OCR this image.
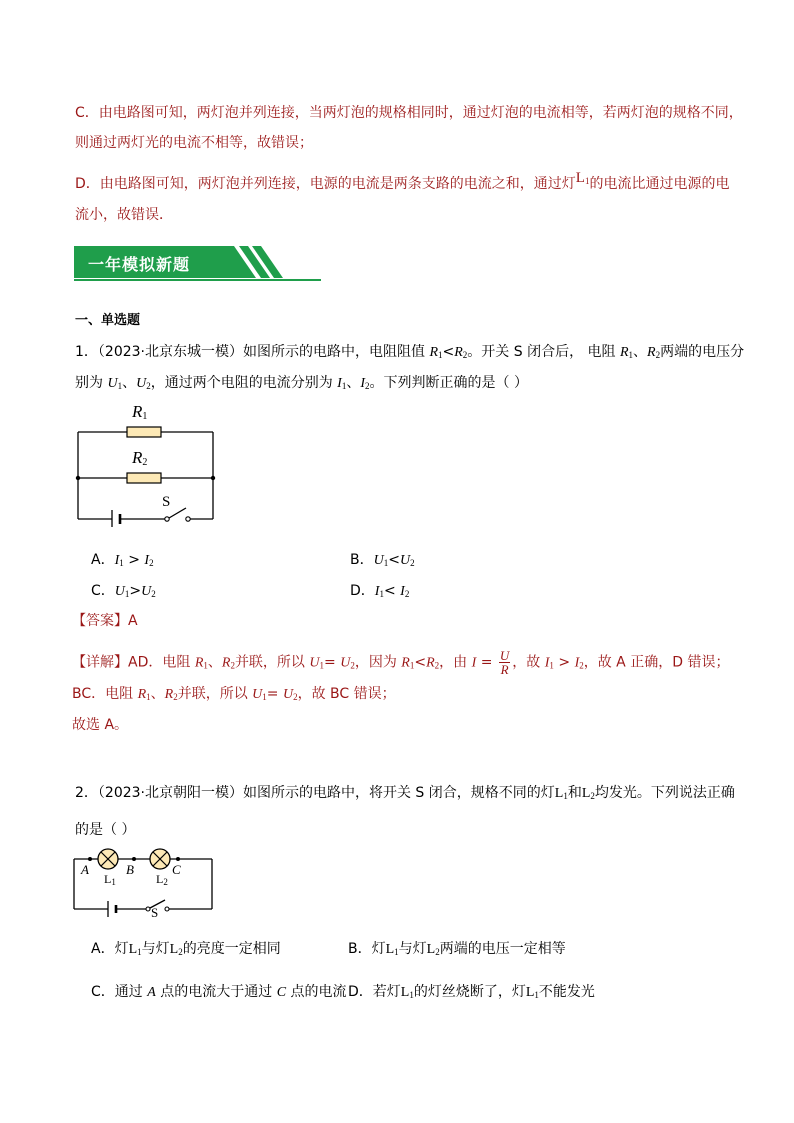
C．由电路图可知，两灯泡并列连接，当两灯泡的规格相同时，通过灯泡的电流相等，若两灯泡的规格不同，
则通过两灯光的电流不相等，故错误；
D．由电路图可知，两灯泡并列连接，电源的电流是两条支路的电流之和，通过灯$L_1$的电流比通过电源的电
流小，故错误．
一年模拟新题
一、单选题
1．（2023·北京东城一模）如图所示的电路中，电阻阻值 $R_1<R_2$。开关 S 闭合后， 电阻 $R_1$、$R_2$两端的电压分
别为 $U_1$、$U_2$，通过两个电阻的电流分别为 $I_1$、$I_2$。下列判断正确的是（ ）
$R_1$
$R_2$
S
A．$I_1 > I_2$	B．$U_1<U_2$
C．$U_1>U_2$	D．$I_1< I_2$
【答案】A
【详解】AD．电阻 $R_1$、$R_2$并联，所以 $U_1= U_2$，因为 $R_1<R_2$，由 $I = \frac{U}{R}$ ，故 $I_1 > I_2$，故 A 正确，D 错误；
BC．电阻 $R_1$、$R_2$并联，所以 $U_1= U_2$，故 BC 错误；
故选 A。
2．（2023·北京朝阳一模）如图所示的电路中，将开关 S 闭合，规格不同的灯$L_1$和$L_2$均发光。下列说法正确
的是（ ）
A	B	C
$L_1$	$L_2$
S
A．灯$L_1$与灯$L_2$的亮度一定相同	B．灯$L_1$与灯$L_2$两端的电压一定相等
C．通过 A 点的电流大于通过 C 点的电流 D．若灯$L_1$的灯丝烧断了，灯$L_1$不能发光
